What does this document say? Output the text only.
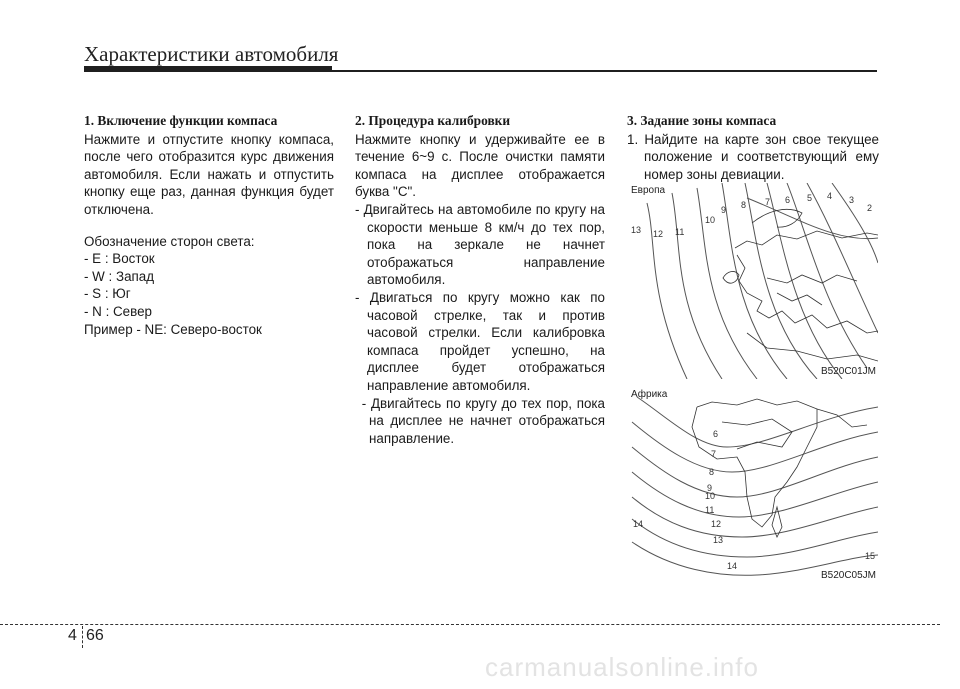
Характеристики автомобиля
1. Включение функции компаса

Нажмите и отпустите кнопку компаса, после чего отобразится курс движения автомобиля. Если нажать и отпустить кнопку еще раз, данная функция будет отключена.

Обозначение сторон света:

- E : Восток

- W : Запад

- S : Юг

- N : Север

Пример - NE: Северо-восток

2. Процедура калибровки

Нажмите кнопку и удерживайте ее в течение 6~9 с. После очистки памяти компаса на дисплее отображается буква "C".

- Двигайтесь на автомобиле по кругу на скорости меньше 8 км/ч до тех пор, пока на зеркале не начнет отображаться направление автомобиля.

- Двигаться по кругу можно как по часовой стрелке, так и против часовой стрелки. Если калибровка компаса пройдет успешно, на дисплее будет отображаться направление автомобиля.

- Двигайтесь по кругу до тех пор, пока на дисплее не начнет отображаться направление.

3. Задание зоны компаса

1. Найдите на карте зон свое текущее положение и соответствующий ему номер зоны девиации.

13 12 11
10
9 8 7 6 5 4 3
2
Европа
B520C01JM
6
7
8
9
10
11
12
13
14
14
15
Африка
B520C05JM
4 66
carmanualsonline.info
